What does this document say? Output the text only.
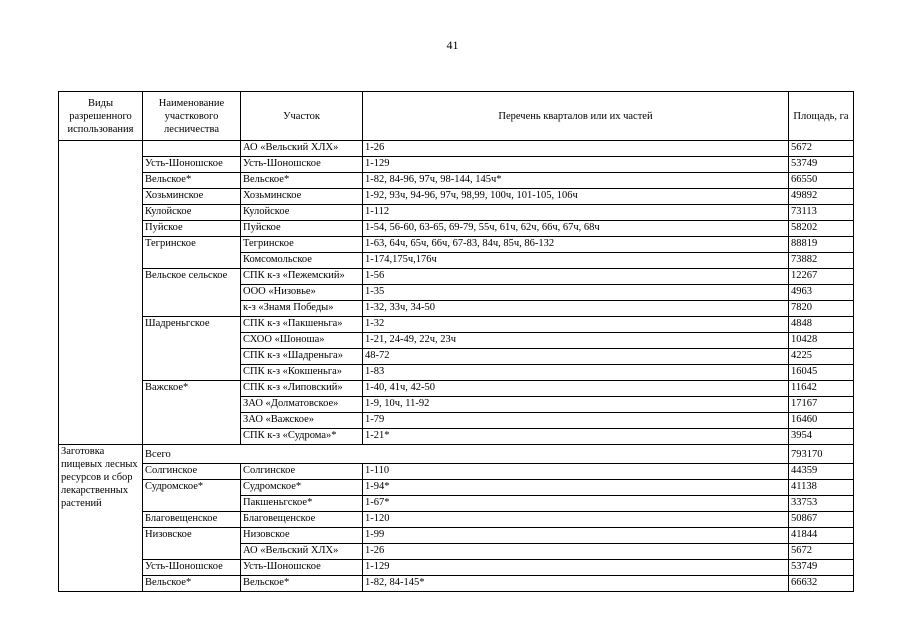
41
Виды разрешенного использования	Наименование участкового лесничества	Участок	Перечень кварталов или их частей	Площадь, га
		АО «Вельский ХЛХ»	1-26	5672
	Усть-Шоношское	Усть-Шоношское	1-129	53749
	Вельское*	Вельское*	1-82, 84-96, 97ч, 98-144, 145ч*	66550
	Хозьминское	Хозьминское	1-92, 93ч, 94-96, 97ч, 98,99, 100ч, 101-105, 106ч	49892
	Кулойское	Кулойское	1-112	73113
	Пуйское	Пуйское	1-54, 56-60, 63-65, 69-79, 55ч, 61ч, 62ч, 66ч, 67ч, 68ч	58202
	Тегринское	Тегринское	1-63, 64ч, 65ч, 66ч, 67-83, 84ч, 85ч, 86-132	88819
		Комсомольское	1-174,175ч,176ч	73882
	Вельское сельское	СПК к-з «Пежемский»	1-56	12267
		ООО «Низовье»	1-35	4963
		к-з «Знамя Победы»	1-32, 33ч, 34-50	7820
	Шадреньгское	СПК к-з «Пакшеньга»	1-32	4848
		СХОО «Шоноша»	1-21, 24-49, 22ч, 23ч	10428
		СПК к-з «Шадреньга»	48-72	4225
		СПК к-з «Кокшеньга»	1-83	16045
	Важское*	СПК к-з «Липовский»	1-40, 41ч, 42-50	11642
		ЗАО «Долматовское»	1-9, 10ч, 11-92	17167
		ЗАО «Важское»	1-79	16460
		СПК к-з «Судрома»*	1-21*	3954
Заготовка пищевых лесных ресурсов и сбор лекарственных растений	Всего			793170
	Солгинское	Солгинское	1-110	44359
	Судромское*	Судромское*	1-94*	41138
		Пакшеньгское*	1-67*	33753
	Благовещенское	Благовещенское	1-120	50867
	Низовское	Низовское	1-99	41844
		АО «Вельский ХЛХ»	1-26	5672
	Усть-Шоношское	Усть-Шоношское	1-129	53749
	Вельское*	Вельское*	1-82, 84-145*	66632
